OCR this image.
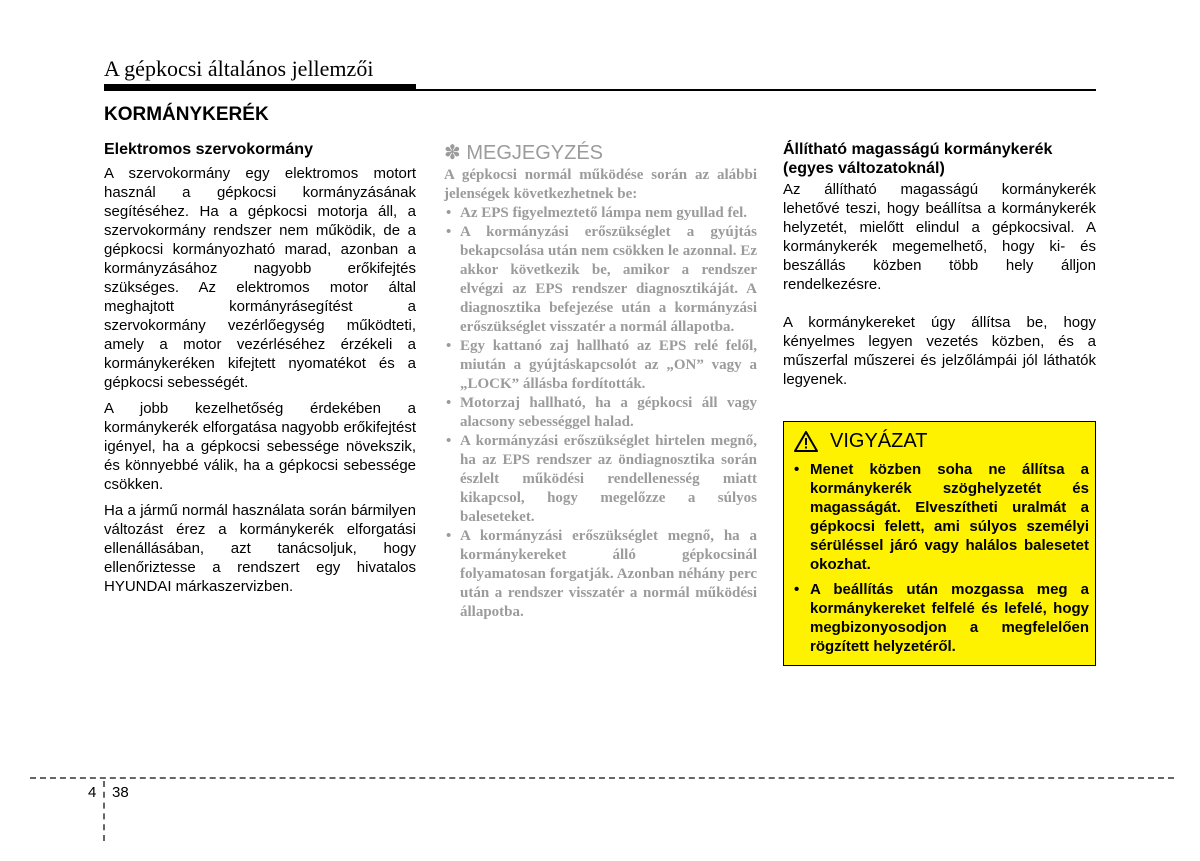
A gépkocsi általános jellemzői
KORMÁNYKERÉK
Elektromos szervokormány

A szervokormány egy elektromos motort használ a gépkocsi kormányzásának segítéséhez. Ha a gépkocsi motorja áll, a szervokormány rendszer nem működik, de a gépkocsi kormányozható marad, azonban a kormányzásához nagyobb erőkifejtés szükséges. Az elektromos motor által meghajtott kormányrásegítést a szervokormány vezérlőegység működteti, amely a motor vezérléséhez érzékeli a kormánykeréken kifejtett nyomatékot és a gépkocsi sebességét.

A jobb kezelhetőség érdekében a kormánykerék elforgatása nagyobb erőkifejtést igényel, ha a gépkocsi sebessége növekszik, és könnyebbé válik, ha a gépkocsi sebessége csökken.

Ha a jármű normál használata során bármilyen változást érez a kormánykerék elforgatási ellenállásában, azt tanácsoljuk, hogy ellenőriztesse a rendszert egy hivatalos HYUNDAI márkaszervizben.

✽ MEGJEGYZÉS

A gépkocsi normál működése során az alábbi jelenségek következhetnek be:

• Az EPS figyelmeztető lámpa nem gyullad fel.
• A kormányzási erőszükséglet a gyújtás bekapcsolása után nem csökken le azonnal. Ez akkor következik be, amikor a rendszer elvégzi az EPS rendszer diagnosztikáját. A diagnosztika befejezése után a kormányzási erőszükséglet visszatér a normál állapotba.
• Egy kattanó zaj hallható az EPS relé felől, miután a gyújtáskapcsolót az „ON” vagy a „LOCK” állásba fordították.
• Motorzaj hallható, ha a gépkocsi áll vagy alacsony sebességgel halad.
• A kormányzási erőszükséglet hirtelen megnő, ha az EPS rendszer az öndiagnosztika során észlelt működési rendellenesség miatt kikapcsol, hogy megelőzze a súlyos baleseteket.
• A kormányzási erőszükséglet megnő, ha a kormánykereket álló gépkocsinál folyamatosan forgatják. Azonban néhány perc után a rendszer visszatér a normál működési állapotba.
Állítható magasságú kormánykerék (egyes változatoknál)

Az állítható magasságú kormánykerék lehetővé teszi, hogy beállítsa a kormánykerék helyzetét, mielőtt elindul a gépkocsival. A kormánykerék megemelhető, hogy ki- és beszállás közben több hely álljon rendelkezésre.

A kormánykereket úgy állítsa be, hogy kényelmes legyen vezetés közben, és a műszerfal műszerei és jelzőlámpái jól láthatók legyenek.

VIGYÁZAT
• Menet közben soha ne állítsa a kormánykerék szöghelyzetét és magasságát. Elveszítheti uralmát a gépkocsi felett, ami súlyos személyi sérüléssel járó vagy halálos balesetet okozhat.
• A beállítás után mozgassa meg a kormánykereket felfelé és lefelé, hogy megbizonyosodjon a megfelelően rögzített helyzetéről.
4 38
